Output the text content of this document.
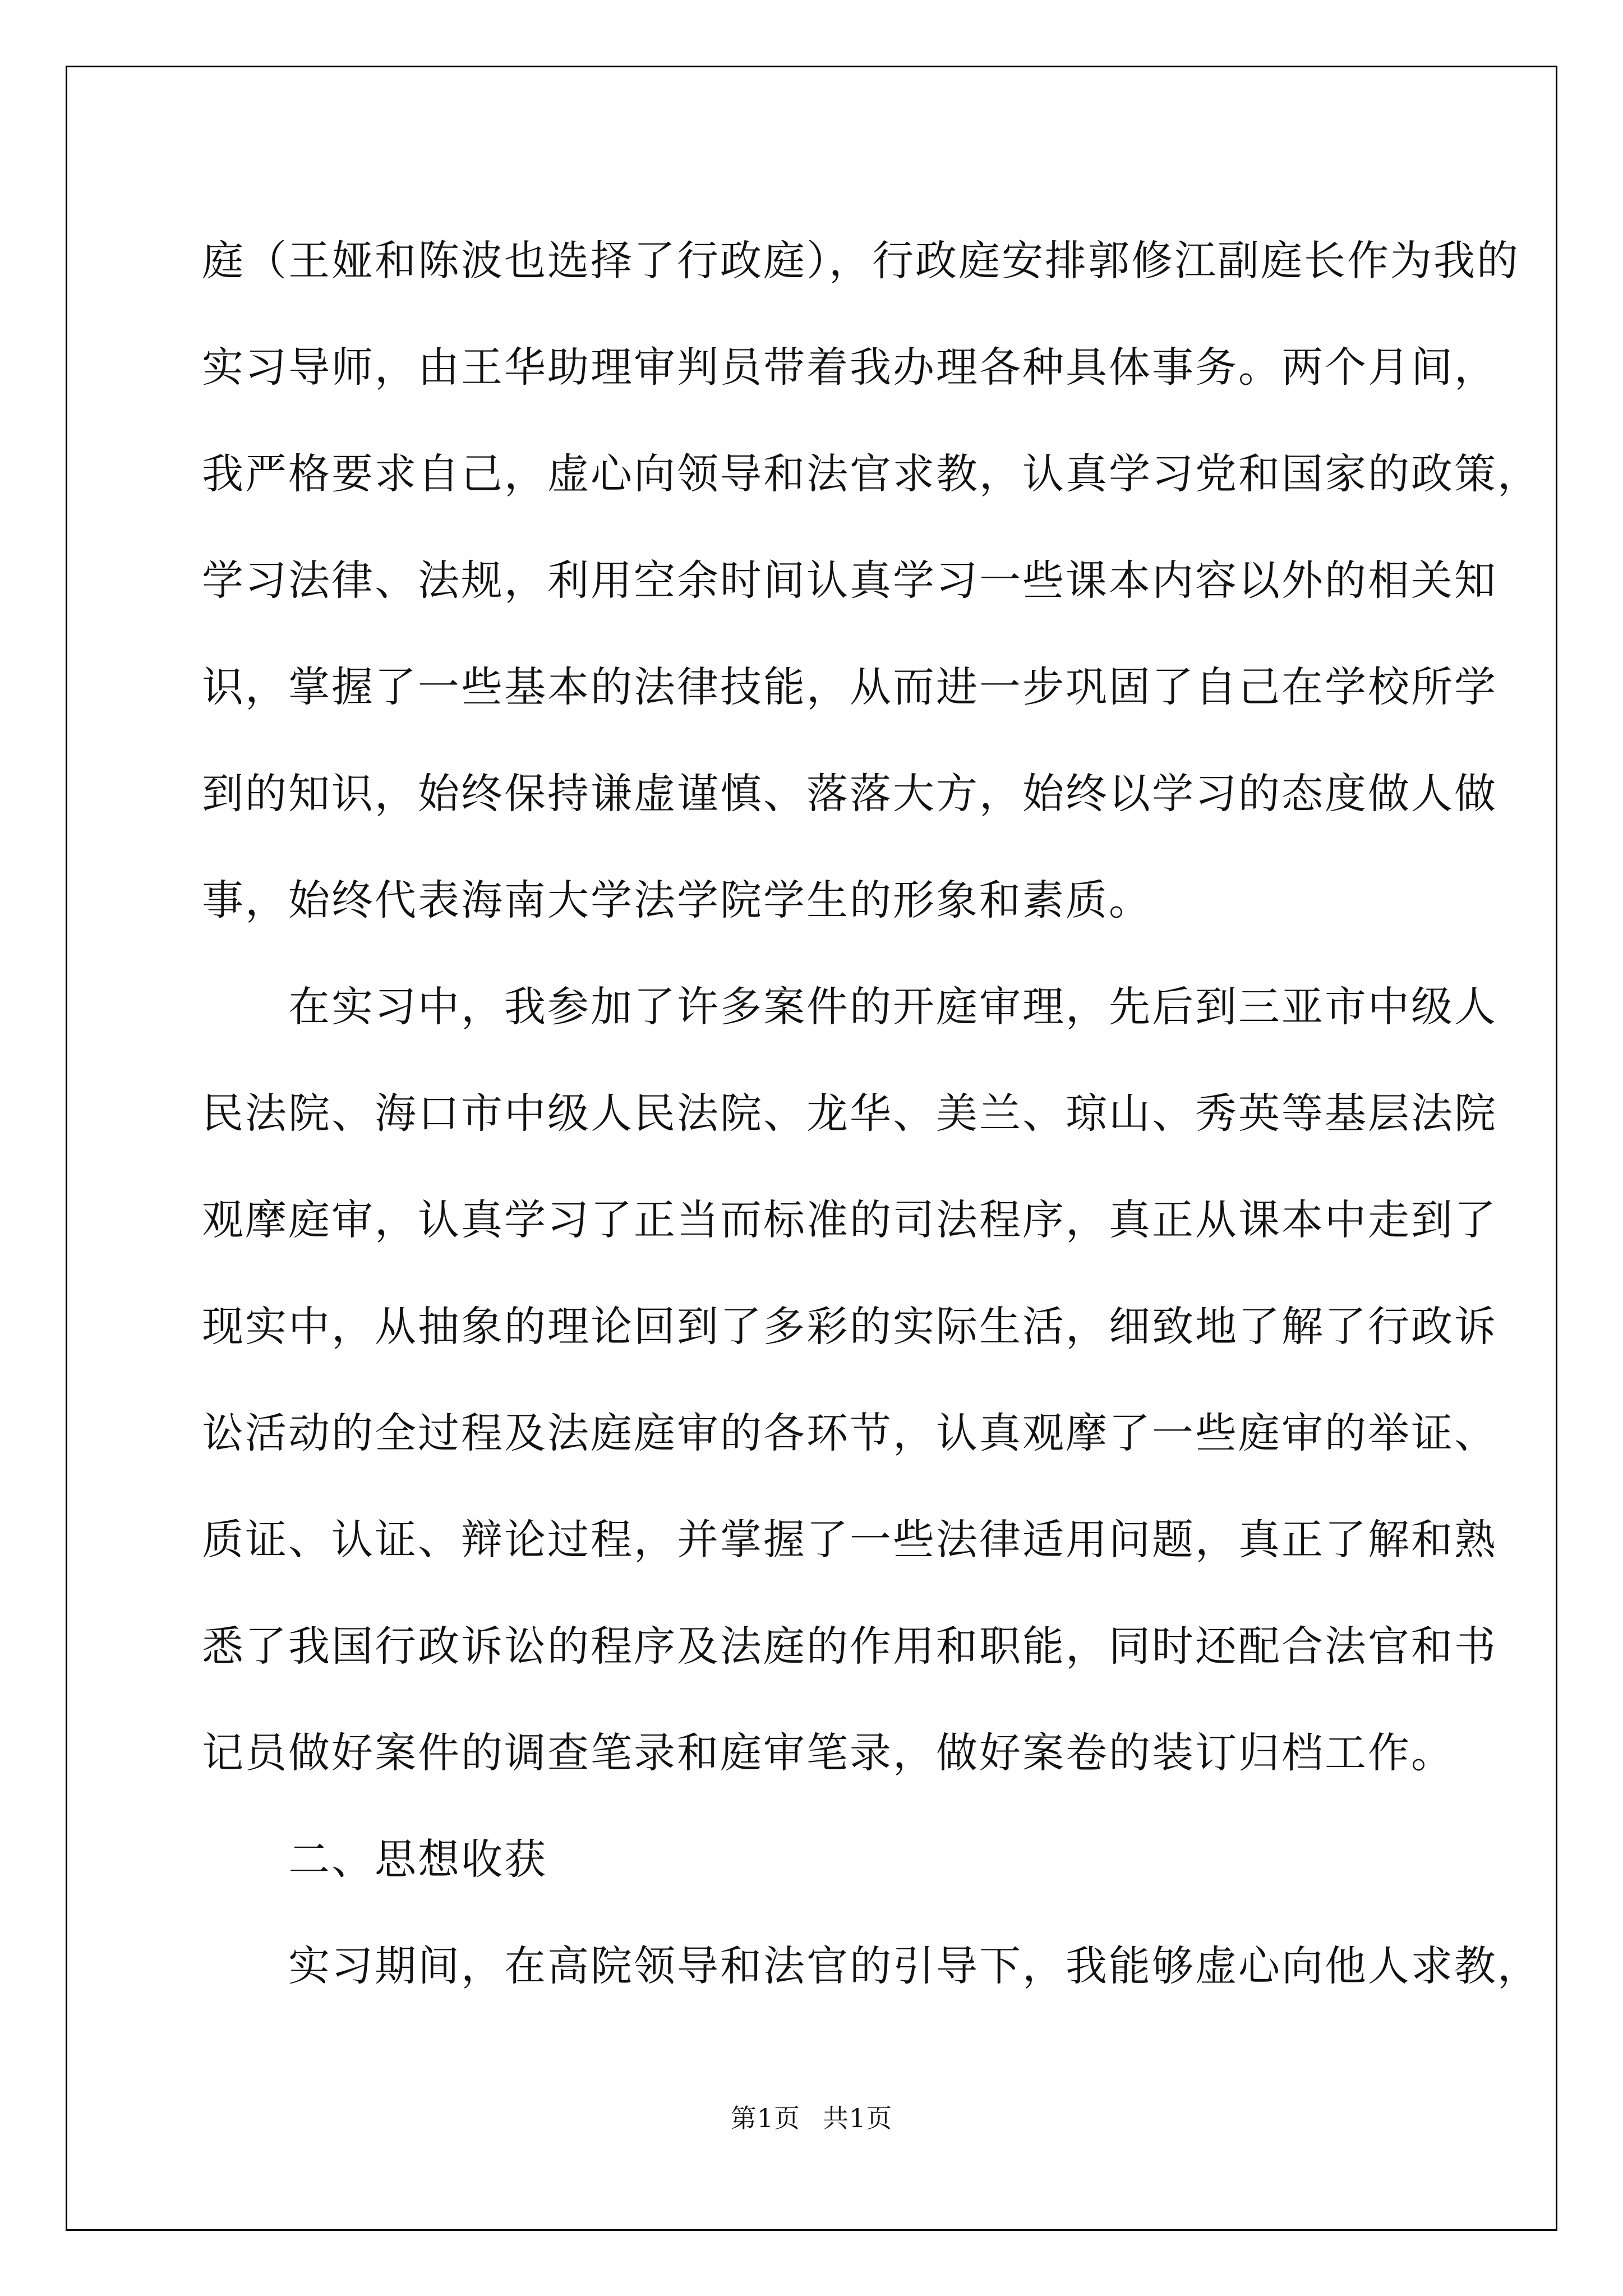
庭（王娅和陈波也选择了行政庭），行政庭安排郭修江副庭长作为我的
实习导师，由王华助理审判员带着我办理各种具体事务。两个月间，
我严格要求自己，虚心向领导和法官求教，认真学习党和国家的政策，
学习法律、法规，利用空余时间认真学习一些课本内容以外的相关知
识，掌握了一些基本的法律技能，从而进一步巩固了自己在学校所学
到的知识，始终保持谦虚谨慎、落落大方，始终以学习的态度做人做
事，始终代表海南大学法学院学生的形象和素质。
　　在实习中，我参加了许多案件的开庭审理，先后到三亚市中级人
民法院、海口市中级人民法院、龙华、美兰、琼山、秀英等基层法院
观摩庭审，认真学习了正当而标准的司法程序，真正从课本中走到了
现实中，从抽象的理论回到了多彩的实际生活，细致地了解了行政诉
讼活动的全过程及法庭庭审的各环节，认真观摩了一些庭审的举证、
质证、认证、辩论过程，并掌握了一些法律适用问题，真正了解和熟
悉了我国行政诉讼的程序及法庭的作用和职能，同时还配合法官和书
记员做好案件的调查笔录和庭审笔录，做好案卷的装订归档工作。
　　二、思想收获
　　实习期间，在高院领导和法官的引导下，我能够虚心向他人求教，
第1页 共1页
